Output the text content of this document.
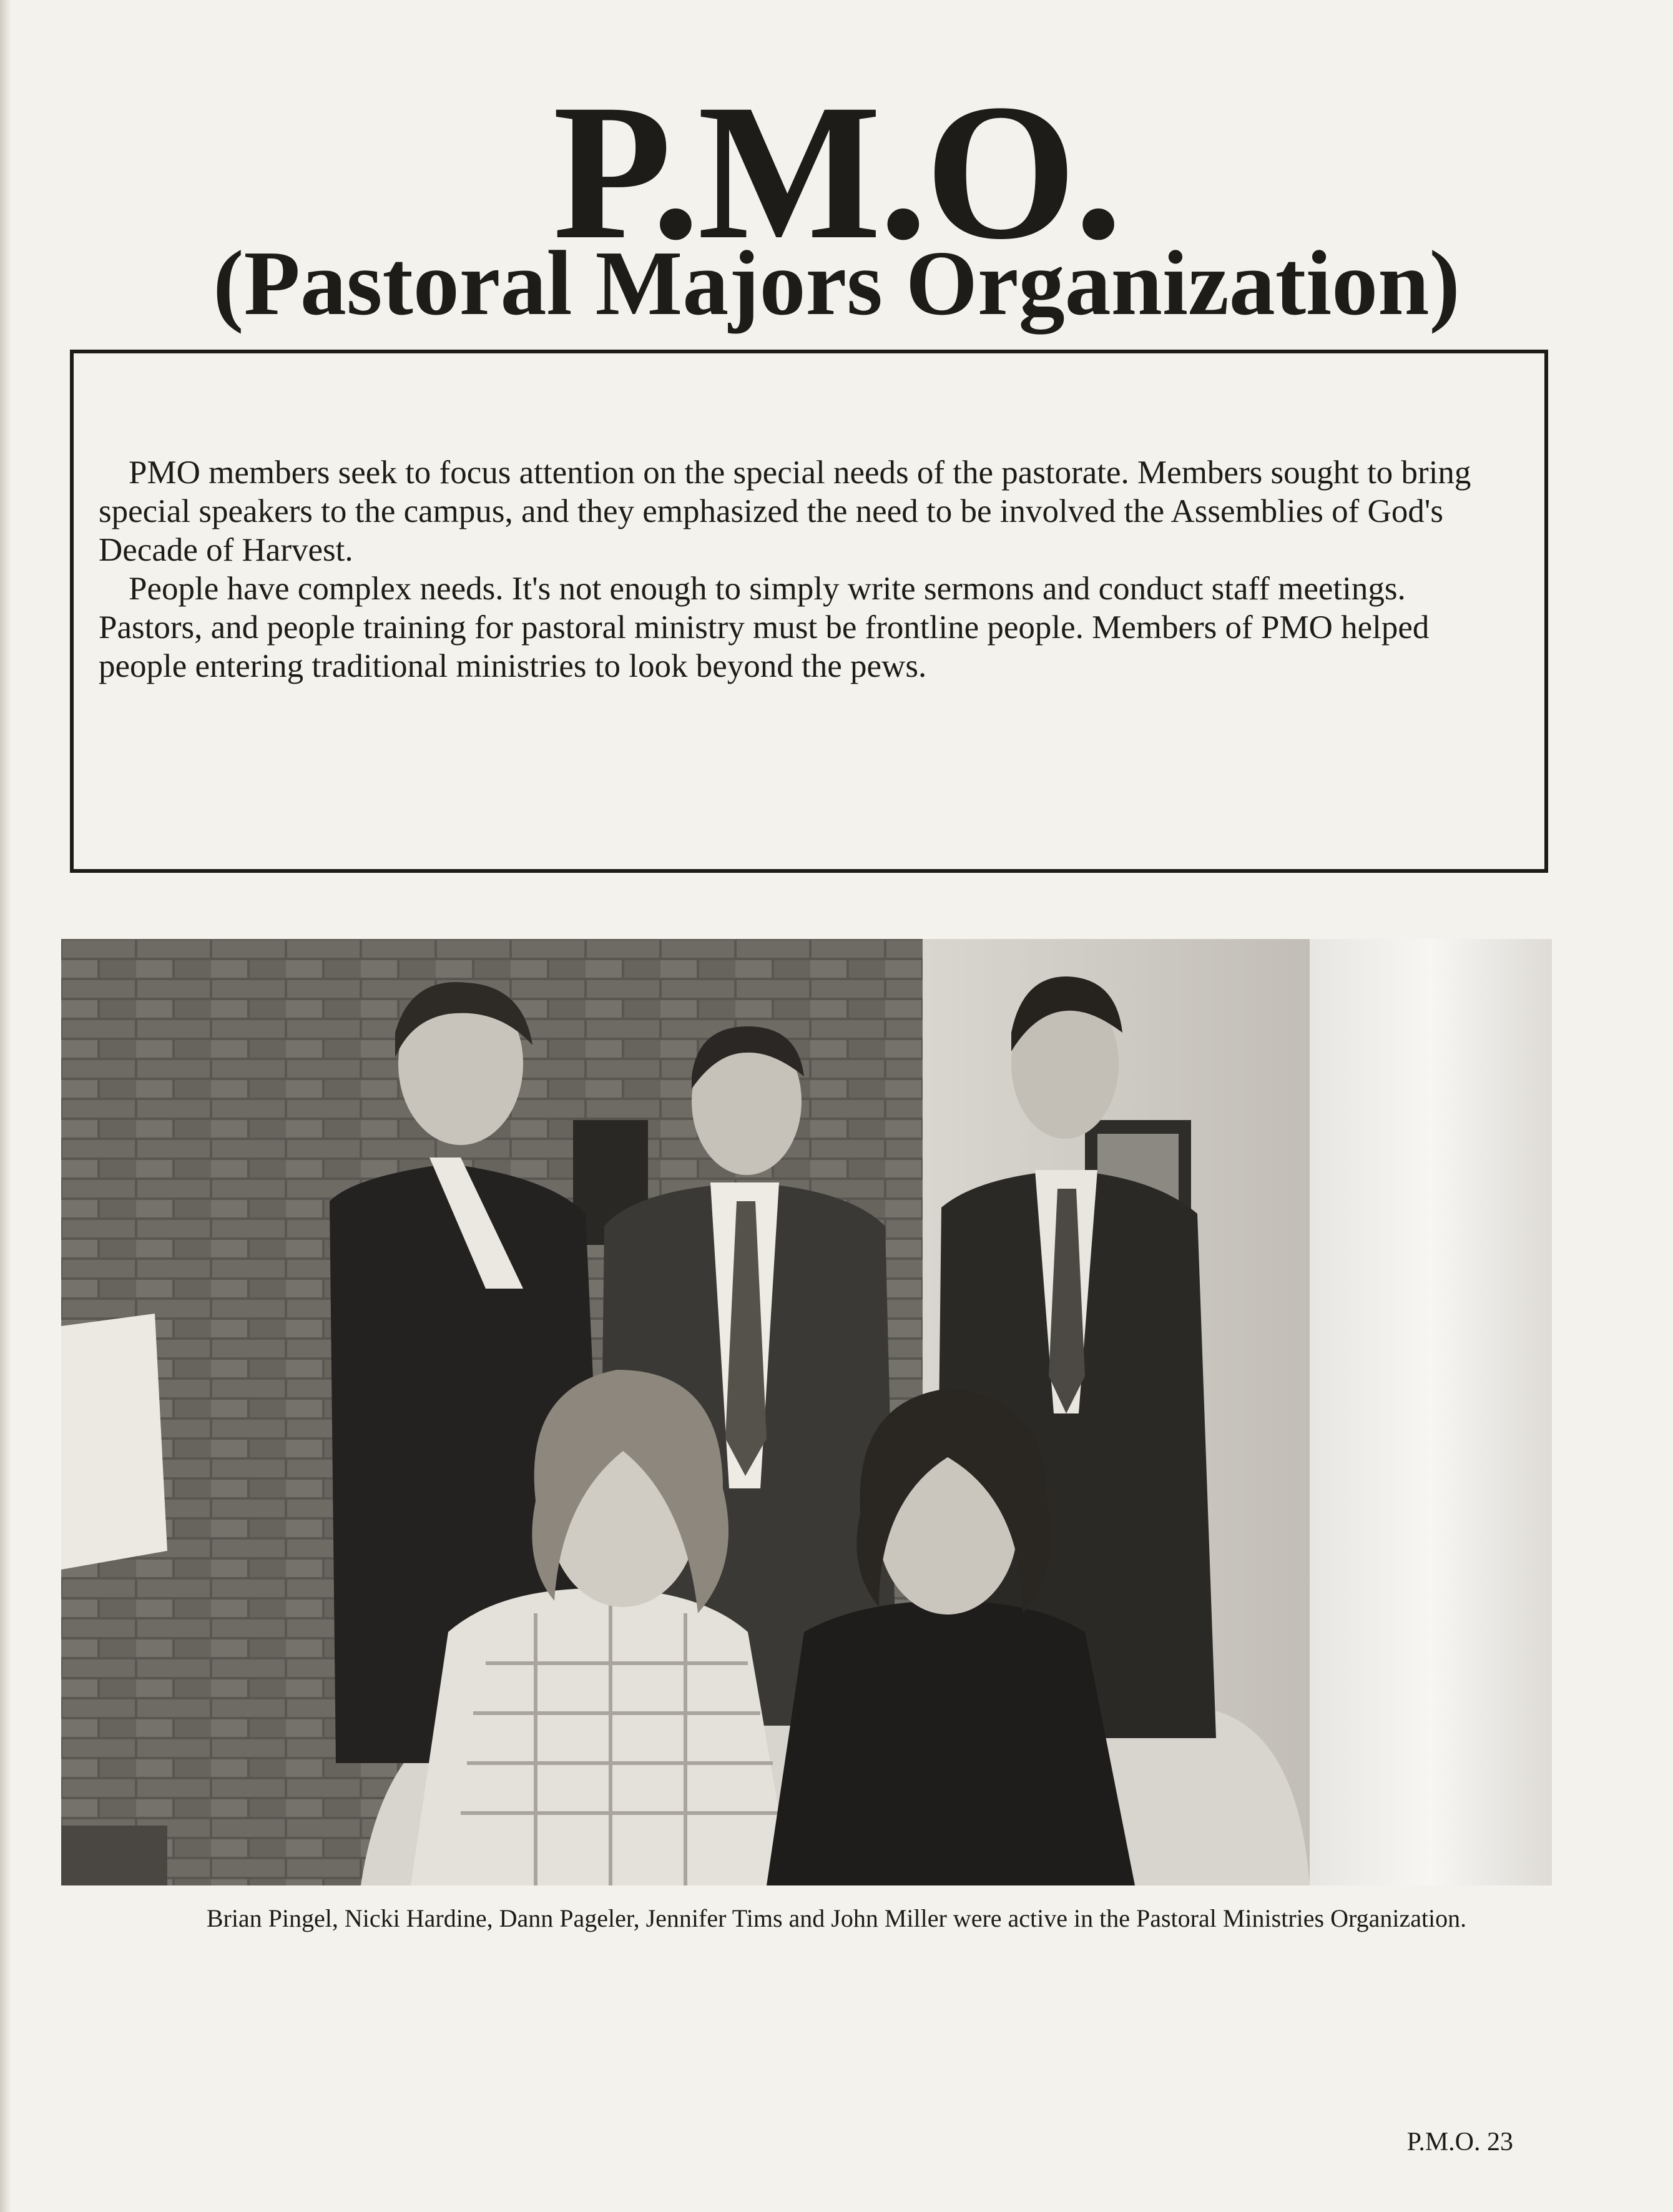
P.M.O.
(Pastoral Majors Organization)

PMO members seek to focus attention on the special needs of the pastorate. Members sought to bring special speakers to the campus, and they emphasized the need to be involved the Assemblies of God's Decade of Harvest.

People have complex needs. It's not enough to simply write sermons and conduct staff meetings. Pastors, and people training for pastoral ministry must be frontline people. Members of PMO helped people entering traditional ministries to look beyond the pews.

Brian Pingel, Nicki Hardine, Dann Pageler, Jennifer Tims and John Miller were active in the Pastoral Ministries Organization.

P.M.O. 23
